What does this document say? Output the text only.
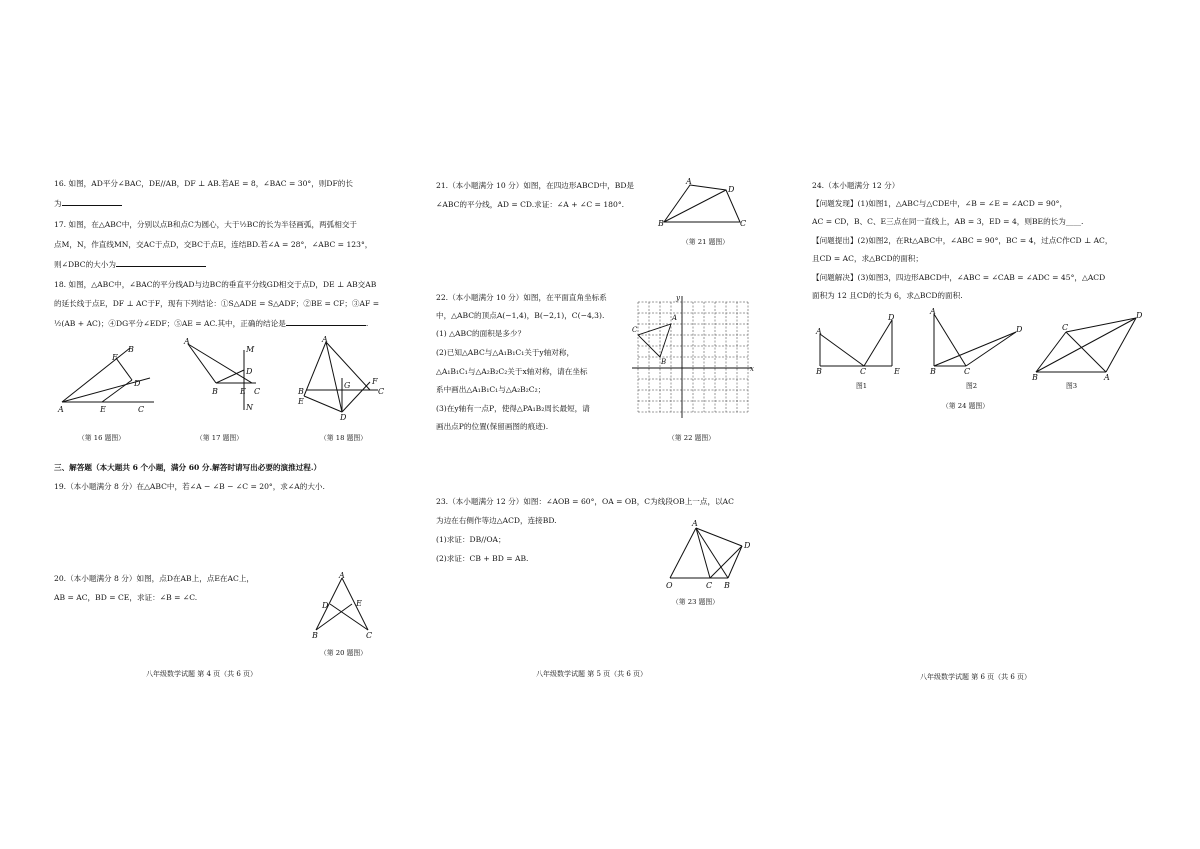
16. 如图，AD平分∠BAC，DE//AB，DF ⊥ AB.若AE = 8，∠BAC = 30°，则DF的长
为
17. 如图，在△ABC中，分别以点B和点C为圆心，大于½BC的长为半径画弧，两弧相交于
点M，N，作直线MN，交AC于点D，交BC于点E，连结BD.若∠A = 28°，∠ABC = 123°，
则∠DBC的大小为
18. 如图，△ABC中，∠BAC的平分线AD与边BC的垂直平分线GD相交于点D，DE ⊥ AB交AB
的延长线于点E，DF ⊥ AC于F，现有下列结论：①S△ADE = S△ADF；②BE = CF；③AF =
½(AB + AC)；④DG平分∠EDF；⑤AE = AC.其中，正确的结论是	.
A	E	C
D
F
B
（第 16 题图）
A
B	C
D
E
M
N
（第 17 题图）
A
B
E
C
F
G
D
（第 18 题图）
三、解答题（本大题共 6 个小题，满分 60 分.解答时请写出必要的演推过程.）
19.（本小题满分 8 分）在△ABC中，若∠A − ∠B − ∠C = 20°，求∠A的大小.
20.（本小题满分 8 分）如图，点D在AB上，点E在AC上，
AB = AC，BD = CE，求证：∠B = ∠C.
A
B	C
D	E
（第 20 题图）
八年级数学试题 第 4 页（共 6 页）
21.（本小题满分 10 分）如图，在四边形ABCD中，BD是
∠ABC的平分线，AD = CD.求证：∠A + ∠C = 180°.
A
D
B	C
（第 21 题图）
22.（本小题满分 10 分）如图，在平面直角坐标系
中，△ABC的顶点A(−1,4)，B(−2,1)，C(−4,3).
(1) △ABC的面积是多少？
(2)已知△ABC与△A₁B₁C₁关于y轴对称，
△A₁B₁C₁与△A₂B₂C₂关于x轴对称，请在坐标
系中画出△A₁B₁C₁与△A₂B₂C₂；
(3)在y轴有一点P，使得△PA₁B₂周长最短，请
画出点P的位置(保留画图的痕迹).
A
C
B
x
y
（第 22 题图）
23.（本小题满分 12 分）如图：∠AOB = 60°，OA = OB，C为线段OB上一点，以AC
为边在右侧作等边△ACD，连接BD.
(1)求证：DB//OA；
(2)求证：CB + BD = AB.
A
D
O	C B
（第 23 题图）
八年级数学试题 第 5 页（共 6 页）
24.（本小题满分 12 分）
【问题发现】(1)如图1，△ABC与△CDE中，∠B = ∠E = ∠ACD = 90°，
AC = CD，B、C、E三点在同一直线上，AB = 3，ED = 4，则BE的长为____.
【问题提出】(2)如图2，在Rt△ABC中，∠ABC = 90°，BC = 4，过点C作CD ⊥ AC，
且CD = AC，求△BCD的面积；
【问题解决】(3)如图3，四边形ABCD中，∠ABC = ∠CAB = ∠ADC = 45°，△ACD
面积为 12 且CD的长为 6，求△BCD的面积.
A
B	C
D
E
图1
A
B	C
D
图2
B	A
C
D
图3
（第 24 题图）
八年级数学试题 第 6 页（共 6 页）
